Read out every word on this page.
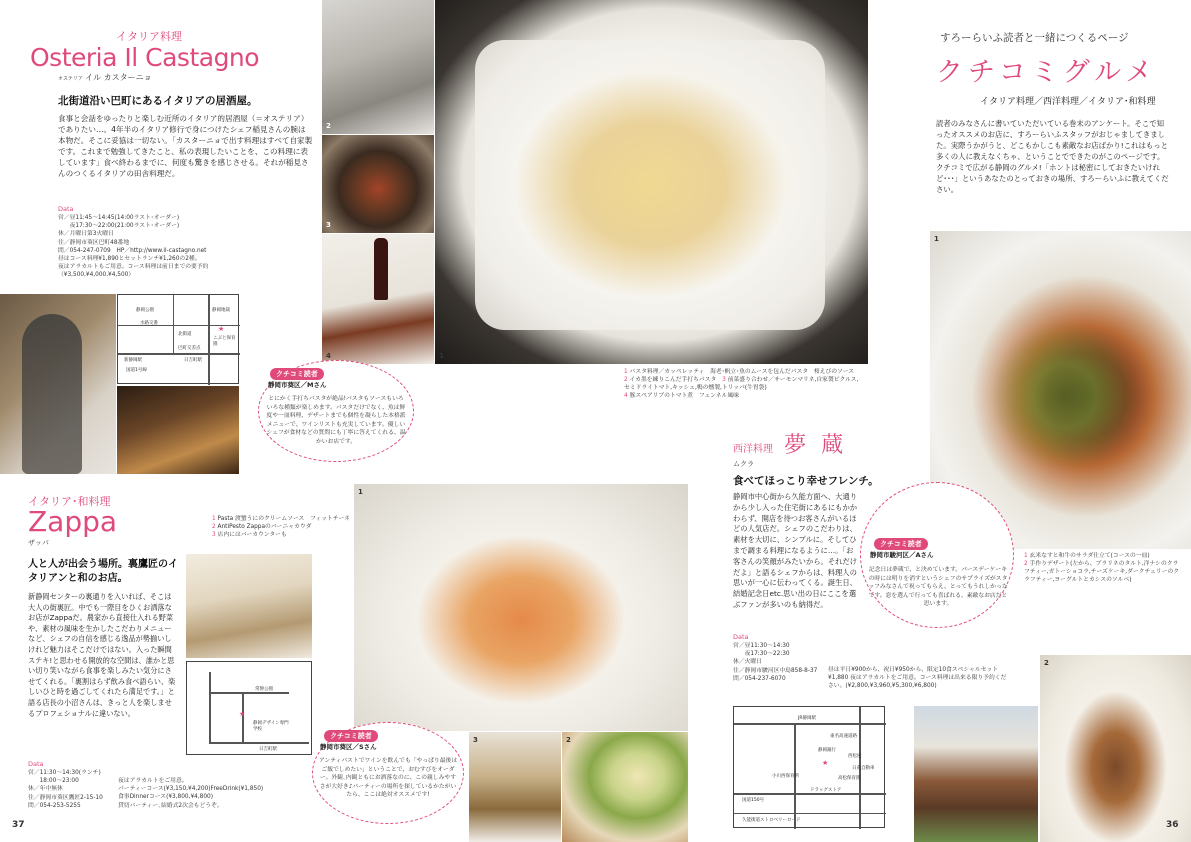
イタリア料理
Osteria Il Castagno
オステリア イル カスターニョ
北街道沿い巴町にあるイタリアの居酒屋。
食事と会話をゆったりと楽しむ近所のイタリア的居酒屋（＝オステリア）でありたい…。4年半のイタリア修行で身につけたシェフ稲見さんの腕は本物だ。そこに妥協は一切ない。「カスターニョで出す料理はすべて自家製です。これまで勉強してきたこと、私の表現したいことを、この料理に表しています」食べ終わるまでに、何度も驚きを感じさせる。それが稲見さんのつくるイタリアの田舎料理だ。
Data
営／昼11:45〜14:45(14:00ラスト･オーダー)
　　夜17:30〜22:00(21:00ラスト･オーダー)
休／月曜日第3火曜日
住／静岡市葵区巴町48番地
問／054-247-0709　HP／http://www.il-castagno.net
昼はコース料理¥1,890とセットランチ¥1,260の2種。
夜はアラカルトもご用意。コース料理は前日までの要予約
（¥3,500,¥4,000,¥4,500）
静岡公園
水路交番
北街道
巴町交差点
静岡地裁
国道1号線
新静岡駅	日吉町駅
こぶと保育園
★
2
3
4	1
クチコミ読者
静岡市葵区／Mさん
とにかく手打ちパスタが絶品!パスタもソースもいろいろな種類が楽しめます。パスタだけでなく、魚は鮮度や一皿料理、デザートまでも個性を凝らした本格派メニューで、ワインリストも充実しています。優しいシェフが食材などの質問にも丁寧に答えてくれる、温かいお店です。
1 パスタ料理／カッペレッティ　海老･帆立･魚のムースを包んだパスタ　桜えびのソース
2 イカ墨を練りこんだ手打ちパスタ　 3 前菜盛り合わせ／サーモンマリネ,自家製ピクルス,セミドライトマト,キッシュ,鴨の燻製,トリッパ(牛胃袋)
4 豚スペアリブのトマト煮　フェンネル風味
すろーらいふ読者と一緒につくるページ
クチコミグルメ
イタリア料理／西洋料理／イタリア･和料理
読者のみなさんに書いていただいている巻末のアンケート。そこで知ったオススメのお店に、すろーらいふスタッフがおじゃましてきました。実際うかがうと、どこもかしこも素敵なお店ばかり!これはもっと多くの人に教えなくちゃ、ということでできたのがこのページです。クチコミで広がる静岡のグルメ!「ホントは秘密にしておきたいけれど･･･」というあなたのとっておきの場所、すろーらいふに教えてください。
1
イタリア･和料理
Zappa
ザッパ
人と人が出会う場所。裏鷹匠のイタリアンと和のお店。
新静岡センターの裏通りを入いれば、そこは大人の街裏匠。中でも一際目をひくお洒落なお店がZappaだ。農家から直接仕入れる野菜や、素材の風味を生かしたこだわりメニューなど、シェフの自信を感じる逸品が勢揃いしけれど魅力はそこだけではない。入った瞬間ステキ!と思わせる開放的な空間は、誰かと思い切り笑いながら食事を楽しみたい気分にさせてくれる。「裏割はらず飲み食べ語らい、楽しいひと時を過ごしてくれたら満足です。」と語る店長の小沼さんは、きっと人を楽しませるプロフェショナルに違いない。
1 Pasta 渡蟹うにのクリームソース　フィットチーネ
2 AntiPesto Zappaのバーニャカウダ
3 店内にはバーカウンターも
常磐公園
静岡デザイン専門学校
日吉町駅
★
1
3	2
クチコミ読者
静岡市葵区／Sさん
アンティパストでワインを飲んでも「やっぱり最後はご飯でしめたい」ということで、おむすびをオーダー。外観､内観ともにお洒落なのに、この親しみやすさが大好き♪パーティーの場所を探しているかたがいたら、ここは絶対オススメです!
Data
営／11:30〜14:30(ランチ)
　　18:00〜23:00
休／年中無休
住／静岡市葵区鷹匠2-15-10
問／054-253-5255
夜はアラカルトをご用意。
パーティーコース(¥3,150,¥4,200)FreeDrink(¥1,850)
食事Dinnerコース(¥3,800,¥4,800)
貸切パーティー､結婚式2次会もどうぞ。
西洋料理 夢 蔵
ムクラ
食べてほっこり幸せフレンチ。
静岡市中心街から久能方面へ、大通りから少し入った住宅街にあるにもかかわらず、開店を待つお客さんがいるほどの人気店だ。シェフのこだわりは、素材を大切に、シンプルに。そしてひまで調まる料理になるように…。「お客さんの笑顔がみたいから。それだけだよ」と語るシェフからは、料理人の思いが一心に伝わってくる。誕生日、結婚記念日etc.思い出の日にここを選ぶファンが多いのも納得だ。
クチコミ読者
静岡市駿河区／Aさん
記念日は夢蔵で、と決めています。バースデーケーキの時には明りを消すというシェフのサプライズがスタッフみなさんで祝ってもらえ、とってもうれしかったです。窓を選んで行っても喜ばれる、素敵なお店だと思います。
1 玄米なすと和牛のサラダ仕立て(コースの一皿)
2 手作りデザート(左から、ブラリネのタルト,洋ナシのクラフティー,ガトーショコラ,チーズケーキ,ダークチェリーのクラフティー,ヨーグルトとカシスのソルベ)
Data
営／昼11:30〜14:30
　　夜17:30〜22:30
休／火曜日
住／静岡市駿河区中島858-8-37
問／054-237-6070
昼は平日¥900から、祝日¥950から、限定10食スペシャルセット¥1,880 夜はアラカルトをご用意。コース料理は出来る限り予約ください。(¥2,800,¥3,960,¥5,300,¥6,800)
JR静岡駅
東名高速道路
静岡銀行
西松屋
日産自動車
小川西保育所	高松保育園
ドラッグストア
国道150号
久能街道ストロベリーロード
★
2
37	36
